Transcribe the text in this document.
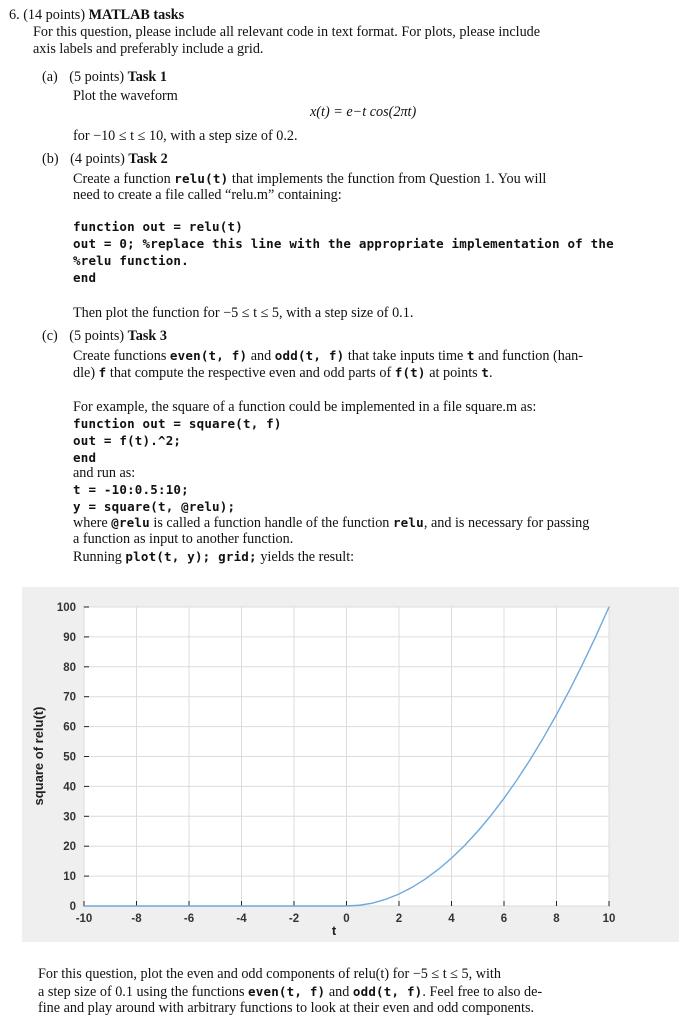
6. (14 points) MATLAB tasks
For this question, please include all relevant code in text format. For plots, please include
axis labels and preferably include a grid.
(a) (5 points) Task 1
Plot the waveform
x(t) = e−t cos(2πt)
for −10 ≤ t ≤ 10, with a step size of 0.2.
(b) (4 points) Task 2
Create a function relu(t) that implements the function from Question 1. You will
need to create a file called “relu.m” containing:
function out = relu(t)
out = 0; %replace this line with the appropriate implementation of the
%relu function.
end
Then plot the function for −5 ≤ t ≤ 5, with a step size of 0.1.
(c) (5 points) Task 3
Create functions even(t, f) and odd(t, f) that take inputs time t and function (han-
dle) f that compute the respective even and odd parts of f(t) at points t.
For example, the square of a function could be implemented in a file square.m as:
function out = square(t, f)
out = f(t).^2;
end
and run as:
t = -10:0.5:10;
y = square(t, @relu);
where @relu is called a function handle of the function relu, and is necessary for passing
a function as input to another function.
Running plot(t, y); grid; yields the result:
-10	-8	-6	-4	-2	0	2	4	6	8	10
0
10
20
30
40
50
60
70
80
90
100
t
square of relu(t)
For this question, plot the even and odd components of relu(t) for −5 ≤ t ≤ 5, with
a step size of 0.1 using the functions even(t, f) and odd(t, f). Feel free to also de-
fine and play around with arbitrary functions to look at their even and odd components.
